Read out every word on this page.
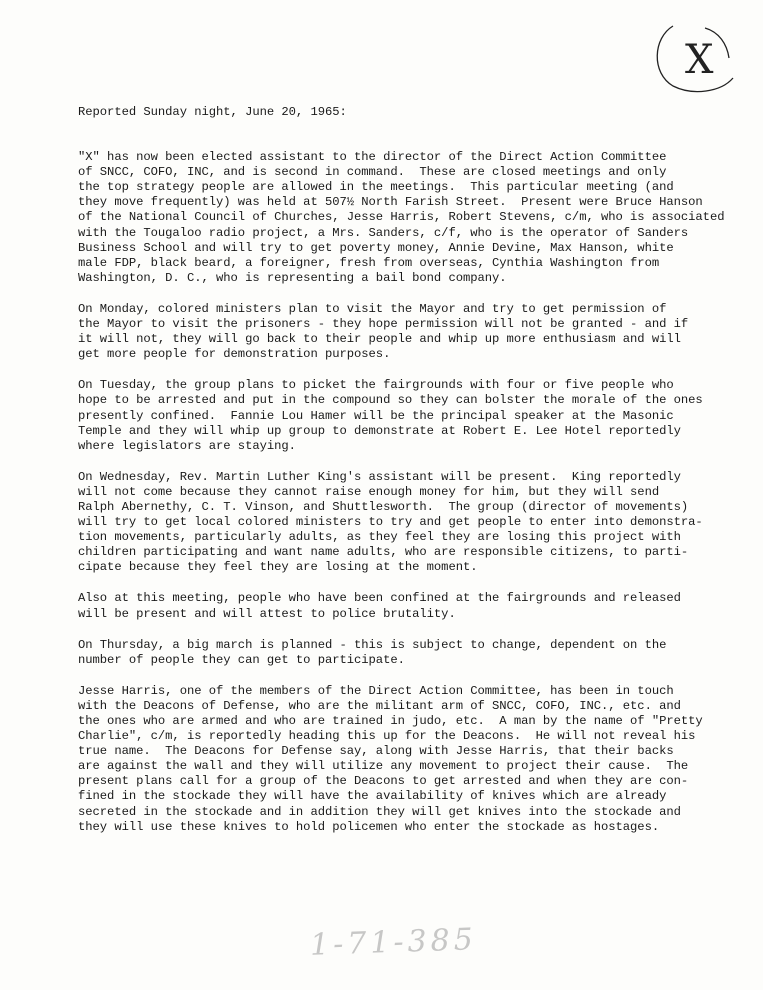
X

Reported Sunday night, June 20, 1965:

"X" has now been elected assistant to the director of the Direct Action Committee
of SNCC, COFO, INC, and is second in command.  These are closed meetings and only
the top strategy people are allowed in the meetings.  This particular meeting (and
they move frequently) was held at 507½ North Farish Street.  Present were Bruce Hanson
of the National Council of Churches, Jesse Harris, Robert Stevens, c/m, who is associated
with the Tougaloo radio project, a Mrs. Sanders, c/f, who is the operator of Sanders
Business School and will try to get poverty money, Annie Devine, Max Hanson, white
male FDP, black beard, a foreigner, fresh from overseas, Cynthia Washington from
Washington, D. C., who is representing a bail bond company.

On Monday, colored ministers plan to visit the Mayor and try to get permission of
the Mayor to visit the prisoners - they hope permission will not be granted - and if
it will not, they will go back to their people and whip up more enthusiasm and will
get more people for demonstration purposes.

On Tuesday, the group plans to picket the fairgrounds with four or five people who
hope to be arrested and put in the compound so they can bolster the morale of the ones
presently confined.  Fannie Lou Hamer will be the principal speaker at the Masonic
Temple and they will whip up group to demonstrate at Robert E. Lee Hotel reportedly
where legislators are staying.

On Wednesday, Rev. Martin Luther King's assistant will be present.  King reportedly
will not come because they cannot raise enough money for him, but they will send
Ralph Abernethy, C. T. Vinson, and Shuttlesworth.  The group (director of movements)
will try to get local colored ministers to try and get people to enter into demonstra-
tion movements, particularly adults, as they feel they are losing this project with
children participating and want name adults, who are responsible citizens, to parti-
cipate because they feel they are losing at the moment.

Also at this meeting, people who have been confined at the fairgrounds and released
will be present and will attest to police brutality.

On Thursday, a big march is planned - this is subject to change, dependent on the
number of people they can get to participate.

Jesse Harris, one of the members of the Direct Action Committee, has been in touch
with the Deacons of Defense, who are the militant arm of SNCC, COFO, INC., etc. and
the ones who are armed and who are trained in judo, etc.  A man by the name of "Pretty
Charlie", c/m, is reportedly heading this up for the Deacons.  He will not reveal his
true name.  The Deacons for Defense say, along with Jesse Harris, that their backs
are against the wall and they will utilize any movement to project their cause.  The
present plans call for a group of the Deacons to get arrested and when they are con-
fined in the stockade they will have the availability of knives which are already
secreted in the stockade and in addition they will get knives into the stockade and
they will use these knives to hold policemen who enter the stockade as hostages.

1-71-385
